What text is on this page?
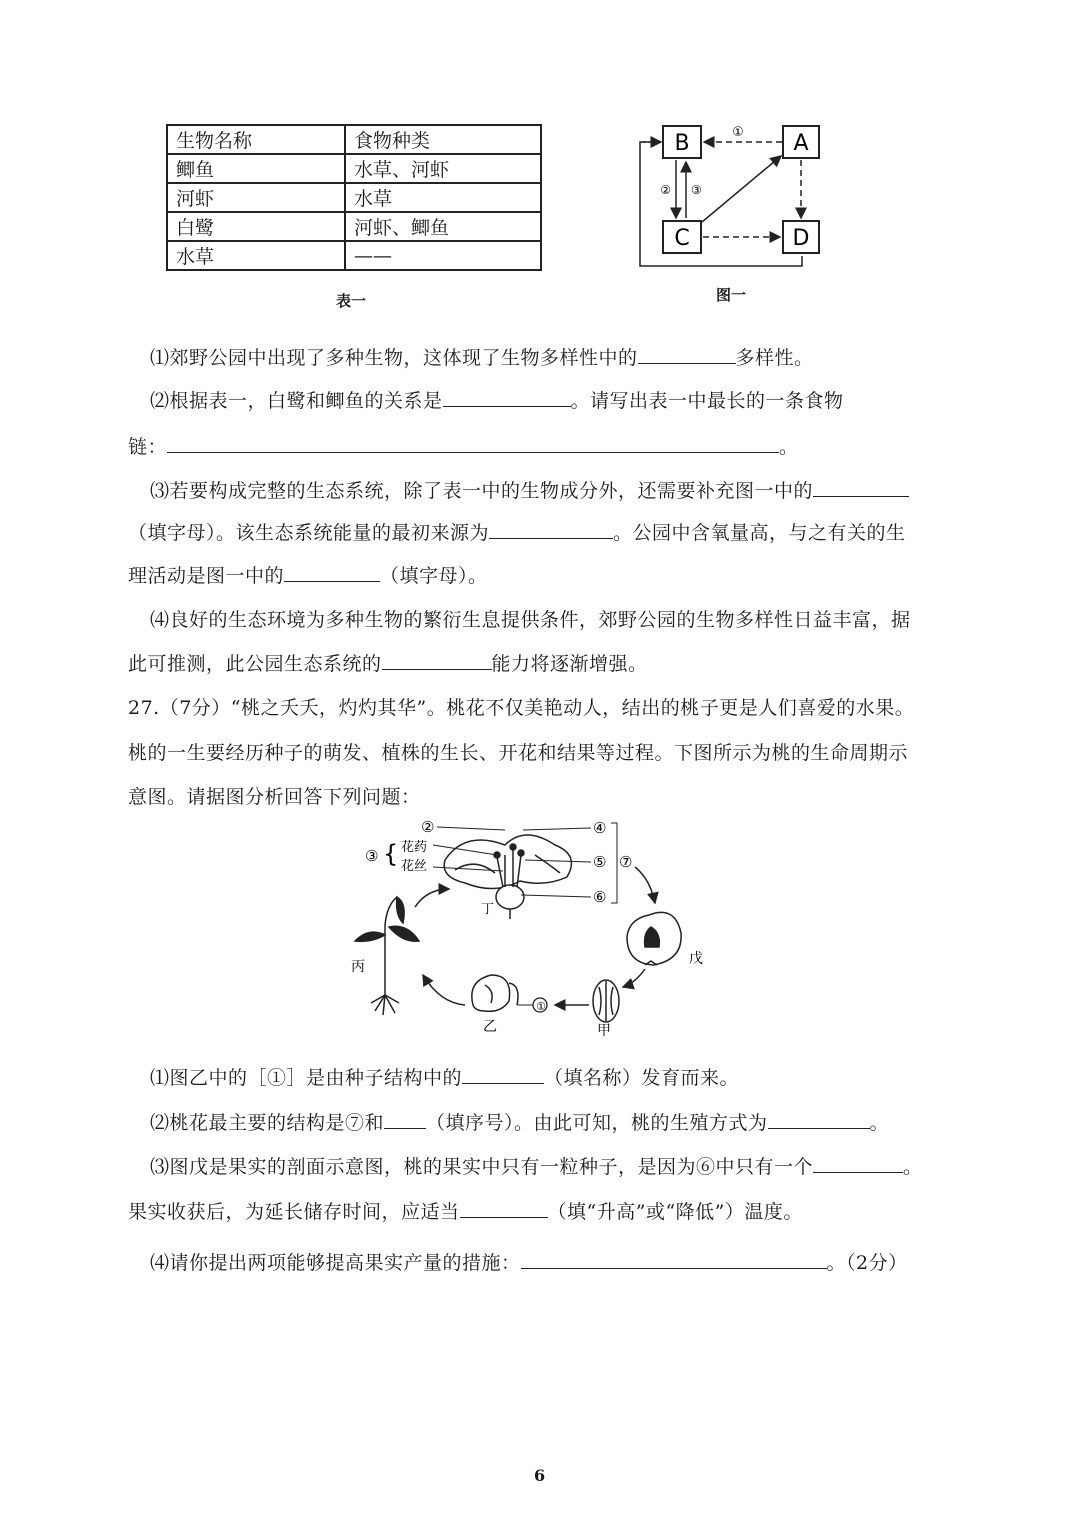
生物名称	食物种类
鲫鱼	水草、河虾
河虾	水草
白鹭	河虾、鲫鱼
水草	——
表一
B	A
C	D
①
② ③
图一
⑴郊野公园中出现了多种生物，这体现了生物多样性中的	多样性。
⑵根据表一，白鹭和鲫鱼的关系是	。请写出表一中最长的一条食物
链：	。
⑶若要构成完整的生态系统，除了表一中的生物成分外，还需要补充图一中的
（填字母）。该生态系统能量的最初来源为	。公园中含氧量高，与之有关的生
理活动是图一中的	（填字母）。
⑷良好的生态环境为多种生物的繁衍生息提供条件，郊野公园的生物多样性日益丰富，据
此可推测，此公园生态系统的	能力将逐渐增强。
27.（7分）“桃之夭夭，灼灼其华”。桃花不仅美艳动人，结出的桃子更是人们喜爱的水果。
桃的一生要经历种子的萌发、植株的生长、开花和结果等过程。下图所示为桃的生命周期示
意图。请据图分析回答下列问题：
②
花药
花丝
③ {
④
⑤
⑥
⑦
丁
戊
甲
①
乙
丙
⑴图乙中的［①］是由种子结构中的	（填名称）发育而来。
⑵桃花最主要的结构是⑦和 （填序号）。由此可知，桃的生殖方式为	。
⑶图戊是果实的剖面示意图，桃的果实中只有一粒种子，是因为⑥中只有一个	。
果实收获后，为延长储存时间，应适当	（填“升高”或“降低”）温度。
⑷请你提出两项能够提高果实产量的措施：	。（2分）
6
